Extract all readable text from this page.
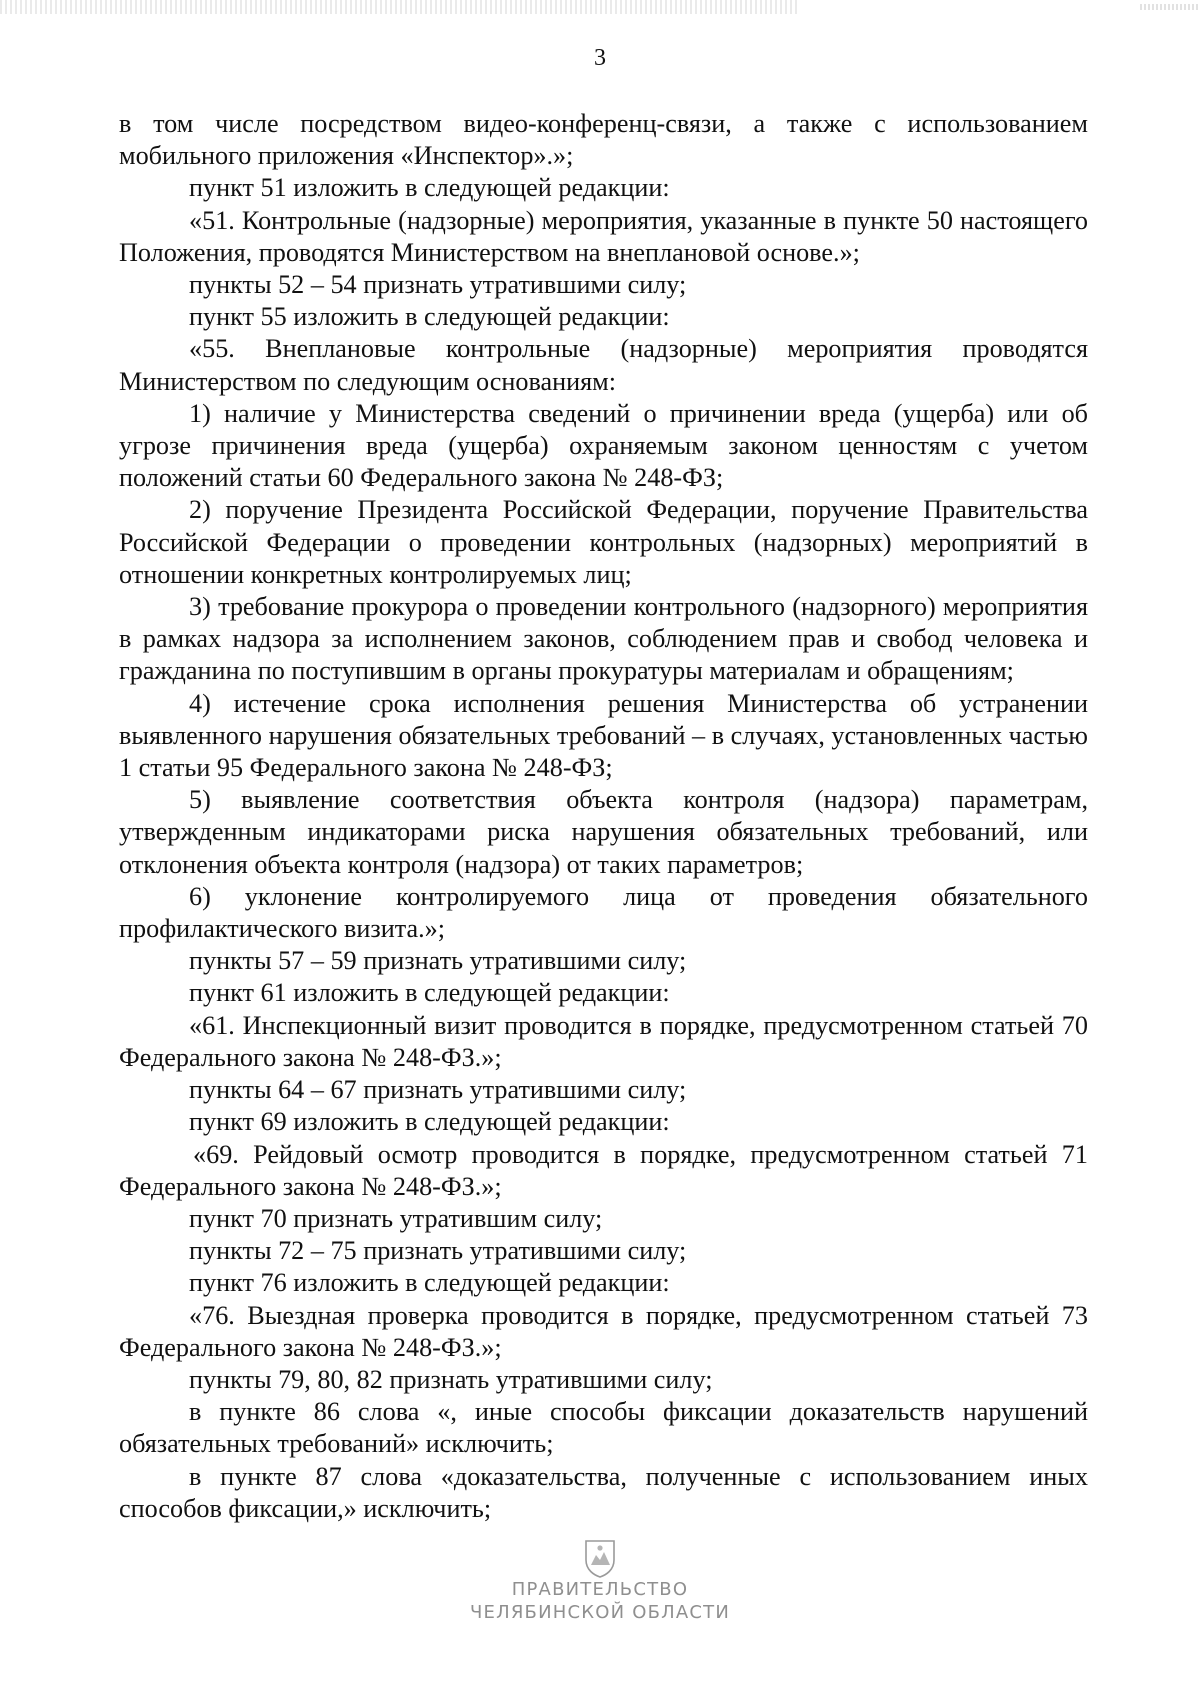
3

в том числе посредством видео-конференц-связи, а также с использованием мобильного приложения «Инспектор».»;

пункт 51 изложить в следующей редакции:

«51. Контрольные (надзорные) мероприятия, указанные в пункте 50 настоящего Положения, проводятся Министерством на внеплановой основе.»;

пункты 52 – 54 признать утратившими силу;

пункт 55 изложить в следующей редакции:

«55. Внеплановые контрольные (надзорные) мероприятия проводятся Министерством по следующим основаниям:

1) наличие у Министерства сведений о причинении вреда (ущерба) или об угрозе причинения вреда (ущерба) охраняемым законом ценностям с учетом положений статьи 60 Федерального закона № 248-ФЗ;

2) поручение Президента Российской Федерации, поручение Правительства Российской Федерации о проведении контрольных (надзорных) мероприятий в отношении конкретных контролируемых лиц;

3) требование прокурора о проведении контрольного (надзорного) мероприятия в рамках надзора за исполнением законов, соблюдением прав и свобод человека и гражданина по поступившим в органы прокуратуры материалам и обращениям;

4) истечение срока исполнения решения Министерства об устранении выявленного нарушения обязательных требований – в случаях, установленных частью 1 статьи 95 Федерального закона № 248-ФЗ;

5) выявление соответствия объекта контроля (надзора) параметрам, утвержденным индикаторами риска нарушения обязательных требований, или отклонения объекта контроля (надзора) от таких параметров;

6) уклонение контролируемого лица от проведения обязательного профилактического визита.»;

пункты 57 – 59 признать утратившими силу;

пункт 61 изложить в следующей редакции:

«61. Инспекционный визит проводится в порядке, предусмотренном статьей 70 Федерального закона № 248-ФЗ.»;

пункты 64 – 67 признать утратившими силу;

пункт 69 изложить в следующей редакции:

«69. Рейдовый осмотр проводится в порядке, предусмотренном статьей 71 Федерального закона № 248-ФЗ.»;

пункт 70 признать утратившим силу;

пункты 72 – 75 признать утратившими силу;

пункт 76 изложить в следующей редакции:

«76. Выездная проверка проводится в порядке, предусмотренном статьей 73 Федерального закона № 248-ФЗ.»;

пункты 79, 80, 82 признать утратившими силу;

в пункте 86 слова «, иные способы фиксации доказательств нарушений обязательных требований» исключить;

в пункте 87 слова «доказательства, полученные с использованием иных способов фиксации,» исключить;

ПРАВИТЕЛЬСТВО
ЧЕЛЯБИНСКОЙ ОБЛАСТИ
